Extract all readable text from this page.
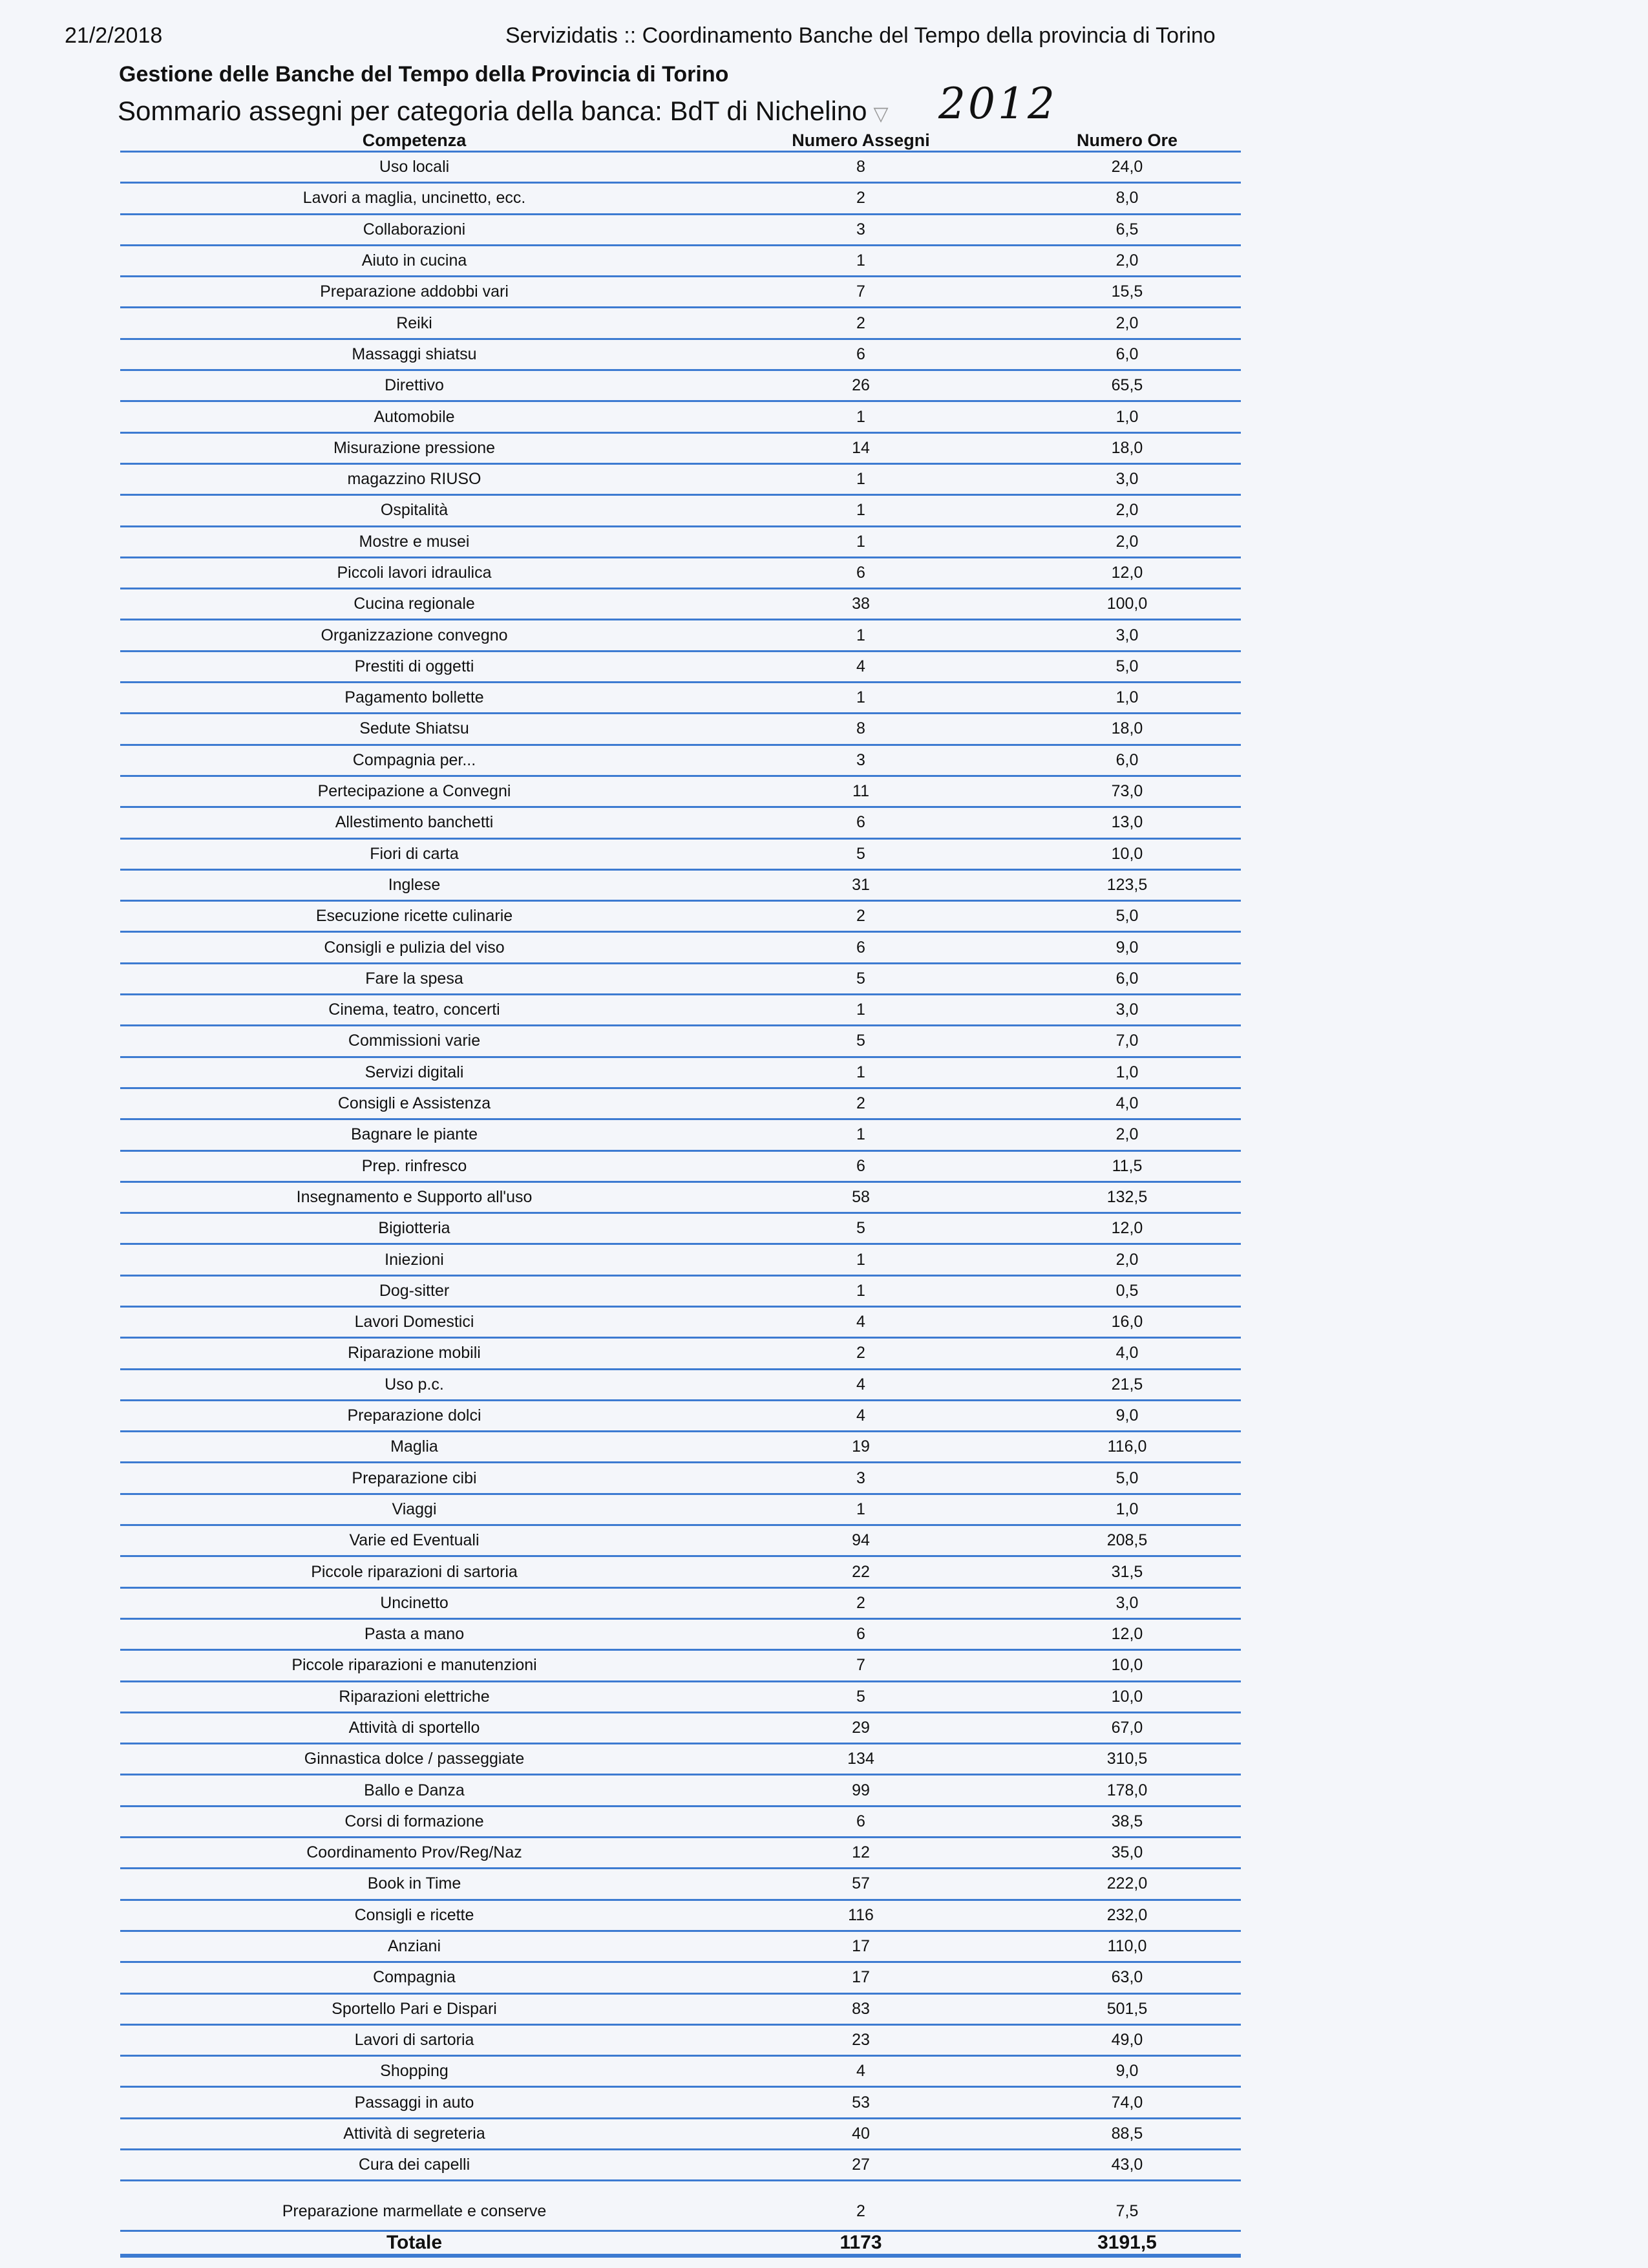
21/2/2018	Servizidatis :: Coordinamento Banche del Tempo della provincia di Torino
Gestione delle Banche del Tempo della Provincia di Torino
Sommario assegni per categoria della banca: BdT di Nichelino ▽ 2012
Competenza	Numero Assegni	Numero Ore
Uso locali	8	24,0
Lavori a maglia, uncinetto, ecc.	2	8,0
Collaborazioni	3	6,5
Aiuto in cucina	1	2,0
Preparazione addobbi vari	7	15,5
Reiki	2	2,0
Massaggi shiatsu	6	6,0
Direttivo	26	65,5
Automobile	1	1,0
Misurazione pressione	14	18,0
magazzino RIUSO	1	3,0
Ospitalità	1	2,0
Mostre e musei	1	2,0
Piccoli lavori idraulica	6	12,0
Cucina regionale	38	100,0
Organizzazione convegno	1	3,0
Prestiti di oggetti	4	5,0
Pagamento bollette	1	1,0
Sedute Shiatsu	8	18,0
Compagnia per...	3	6,0
Pertecipazione a Convegni	11	73,0
Allestimento banchetti	6	13,0
Fiori di carta	5	10,0
Inglese	31	123,5
Esecuzione ricette culinarie	2	5,0
Consigli e pulizia del viso	6	9,0
Fare la spesa	5	6,0
Cinema, teatro, concerti	1	3,0
Commissioni varie	5	7,0
Servizi digitali	1	1,0
Consigli e Assistenza	2	4,0
Bagnare le piante	1	2,0
Prep. rinfresco	6	11,5
Insegnamento e Supporto all'uso	58	132,5
Bigiotteria	5	12,0
Iniezioni	1	2,0
Dog-sitter	1	0,5
Lavori Domestici	4	16,0
Riparazione mobili	2	4,0
Uso p.c.	4	21,5
Preparazione dolci	4	9,0
Maglia	19	116,0
Preparazione cibi	3	5,0
Viaggi	1	1,0
Varie ed Eventuali	94	208,5
Piccole riparazioni di sartoria	22	31,5
Uncinetto	2	3,0
Pasta a mano	6	12,0
Piccole riparazioni e manutenzioni	7	10,0
Riparazioni elettriche	5	10,0
Attività di sportello	29	67,0
Ginnastica dolce / passeggiate	134	310,5
Ballo e Danza	99	178,0
Corsi di formazione	6	38,5
Coordinamento Prov/Reg/Naz	12	35,0
Book in Time	57	222,0
Consigli e ricette	116	232,0
Anziani	17	110,0
Compagnia	17	63,0
Sportello Pari e Dispari	83	501,5
Lavori di sartoria	23	49,0
Shopping	4	9,0
Passaggi in auto	53	74,0
Attività di segreteria	40	88,5
Cura dei capelli	27	43,0
Preparazione marmellate e conserve	2	7,5
Totale	1173	3191,5
